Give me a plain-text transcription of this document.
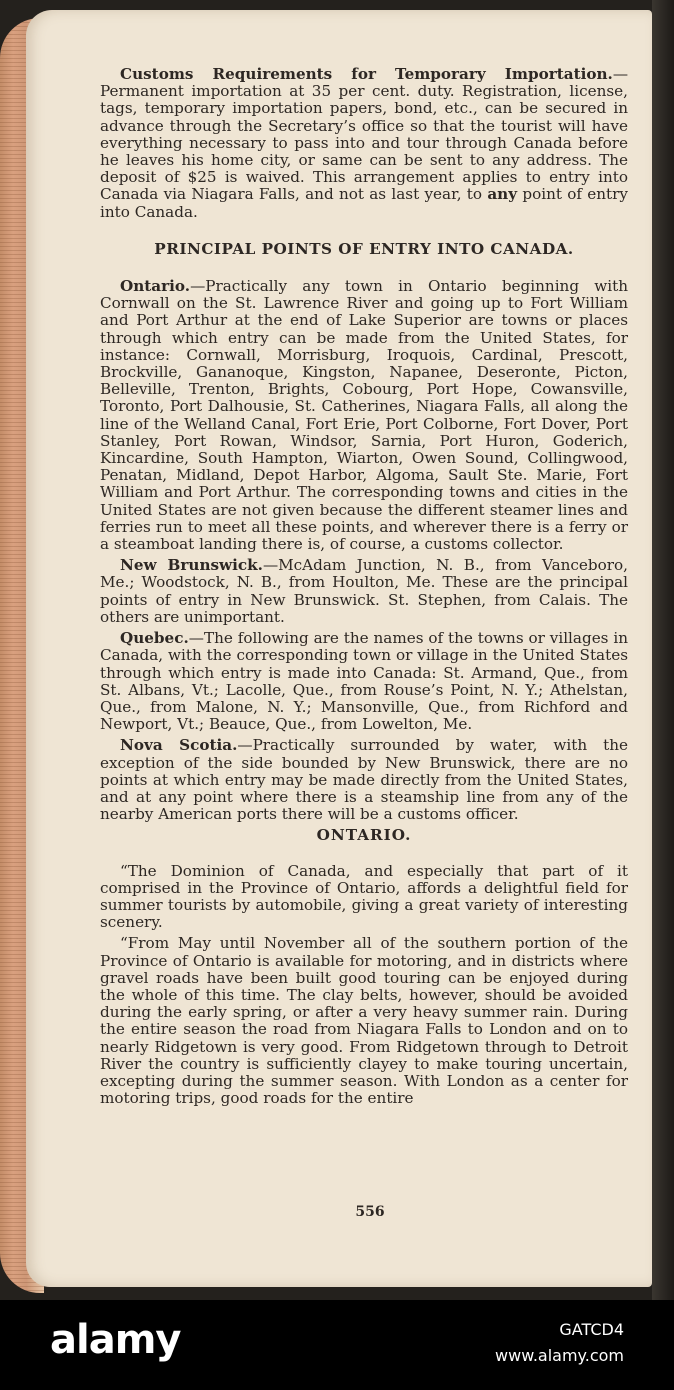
Customs Requirements for Temporary Importation.—Permanent importation at 35 per cent. duty. Registration, license, tags, temporary importation papers, bond, etc., can be secured in advance through the Secretary’s office so that the tourist will have everything necessary to pass into and tour through Canada before he leaves his home city, or same can be sent to any address. The deposit of $25 is waived. This arrangement applies to entry into Canada via Niagara Falls, and not as last year, to any point of entry into Canada.

PRINCIPAL POINTS OF ENTRY INTO CANADA.

Ontario.—Practically any town in Ontario beginning with Cornwall on the St. Lawrence River and going up to Fort William and Port Arthur at the end of Lake Superior are towns or places through which entry can be made from the United States, for instance: Cornwall, Morrisburg, Iroquois, Cardinal, Prescott, Brockville, Gananoque, Kingston, Napanee, Deseronte, Picton, Belleville, Trenton, Brights, Cobourg, Port Hope, Cowansville, Toronto, Port Dalhousie, St. Catherines, Niagara Falls, all along the line of the Welland Canal, Fort Erie, Port Colborne, Fort Dover, Port Stanley, Port Rowan, Windsor, Sarnia, Port Huron, Goderich, Kincardine, South Hampton, Wiarton, Owen Sound, Collingwood, Penatan, Midland, Depot Harbor, Algoma, Sault Ste. Marie, Fort William and Port Arthur. The corresponding towns and cities in the United States are not given because the different steamer lines and ferries run to meet all these points, and wherever there is a ferry or a steamboat landing there is, of course, a customs collector.

New Brunswick.—McAdam Junction, N. B., from Vanceboro, Me.; Woodstock, N. B., from Houlton, Me. These are the principal points of entry in New Brunswick. St. Stephen, from Calais. The others are unimportant.

Quebec.—The following are the names of the towns or villages in Canada, with the corresponding town or village in the United States through which entry is made into Canada: St. Armand, Que., from St. Albans, Vt.; Lacolle, Que., from Rouse’s Point, N. Y.; Athelstan, Que., from Malone, N. Y.; Mansonville, Que., from Richford and Newport, Vt.; Beauce, Que., from Lowelton, Me.

Nova Scotia.—Practically surrounded by water, with the exception of the side bounded by New Brunswick, there are no points at which entry may be made directly from the United States, and at any point where there is a steamship line from any of the nearby American ports there will be a customs officer.

ONTARIO.

“The Dominion of Canada, and especially that part of it comprised in the Province of Ontario, affords a delightful field for summer tourists by automobile, giving a great variety of interesting scenery.

“From May until November all of the southern portion of the Province of Ontario is available for motoring, and in districts where gravel roads have been built good touring can be enjoyed during the whole of this time. The clay belts, however, should be avoided during the early spring, or after a very heavy summer rain. During the entire season the road from Niagara Falls to London and on to nearly Ridgetown is very good. From Ridgetown through to Detroit River the country is sufficiently clayey to make touring uncertain, excepting during the summer season. With London as a center for motoring trips, good roads for the entire

556
alamy	GATCD4
www.alamy.com
